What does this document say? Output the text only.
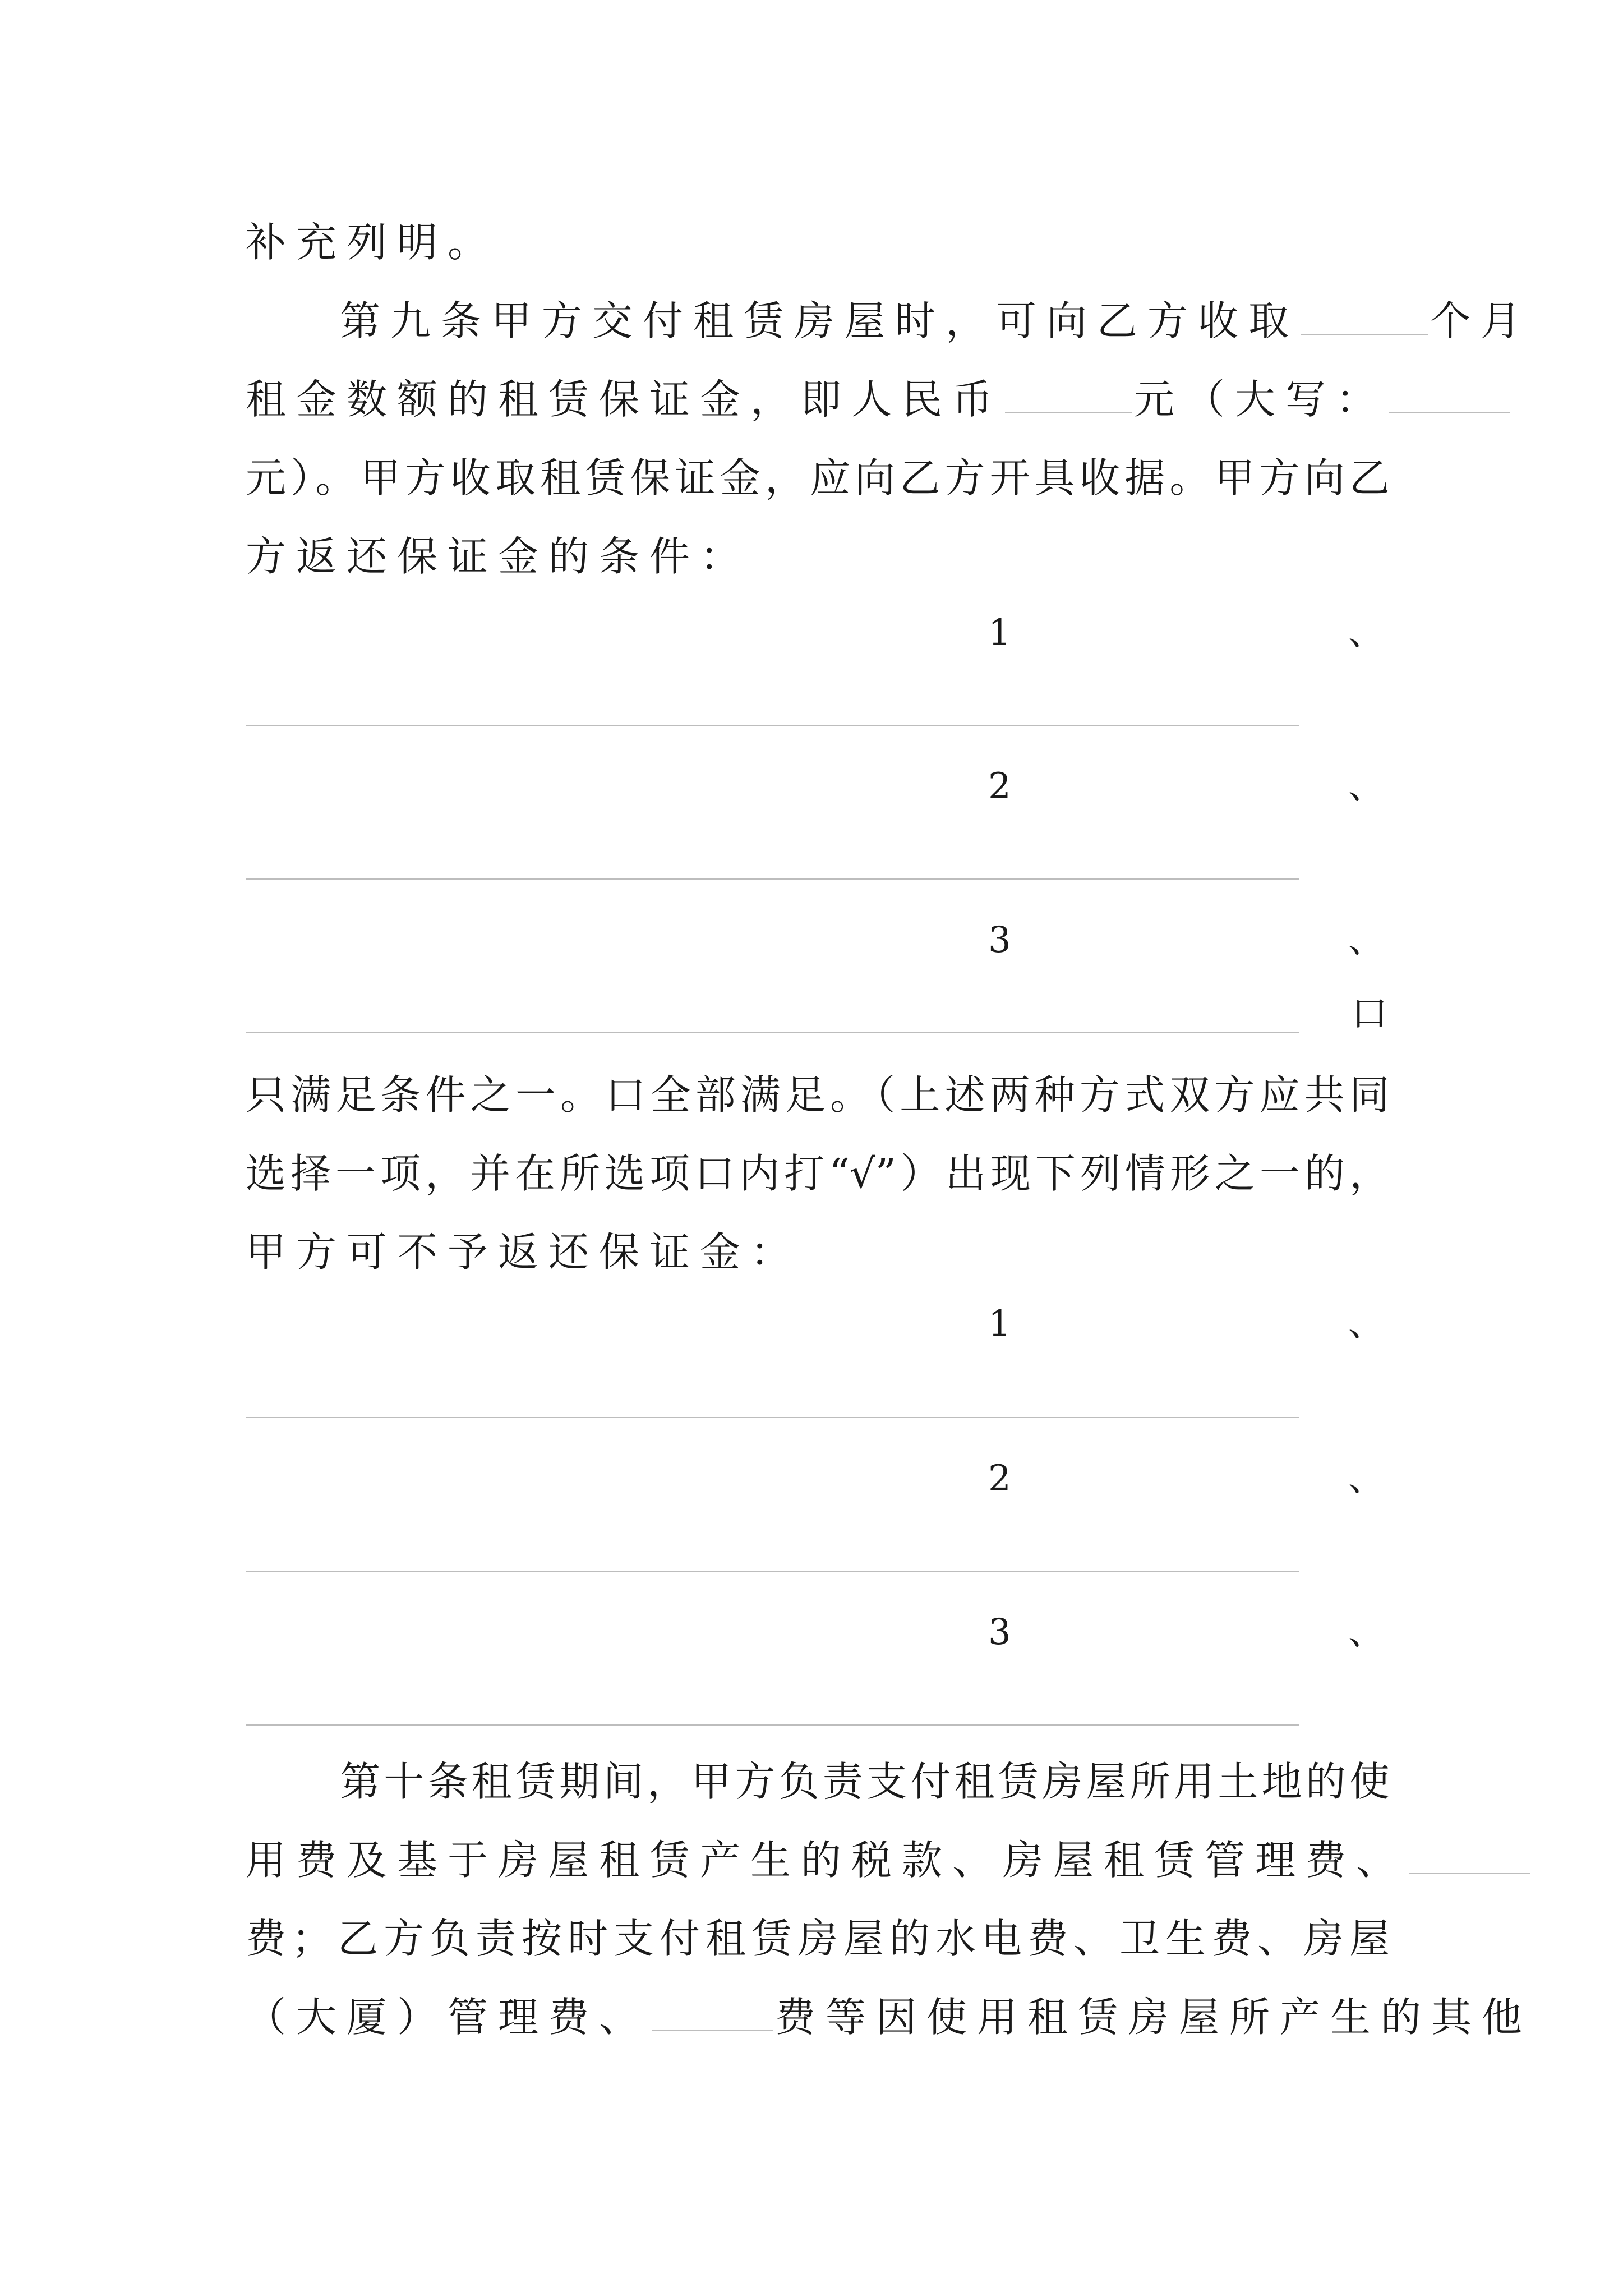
补充列明。
第九条甲方交付租赁房屋时，可向乙方收取	个月
租金数额的租赁保证金，即人民币	元（大写：
元）。甲方收取租赁保证金，应向乙方开具收据。甲方向乙
方返还保证金的条件：
1	、
2	、
3	、
口
只满足条件之一。口全部满足。（上述两种方式双方应共同
选择一项，并在所选项口内打“√”）出现下列情形之一的，
甲方可不予返还保证金：
1	、
2	、
3	、
第十条租赁期间，甲方负责支付租赁房屋所用土地的使
用费及基于房屋租赁产生的税款、房屋租赁管理费、
费；乙方负责按时支付租赁房屋的水电费、卫生费、房屋
（大厦）管理费、	费等因使用租赁房屋所产生的其他
